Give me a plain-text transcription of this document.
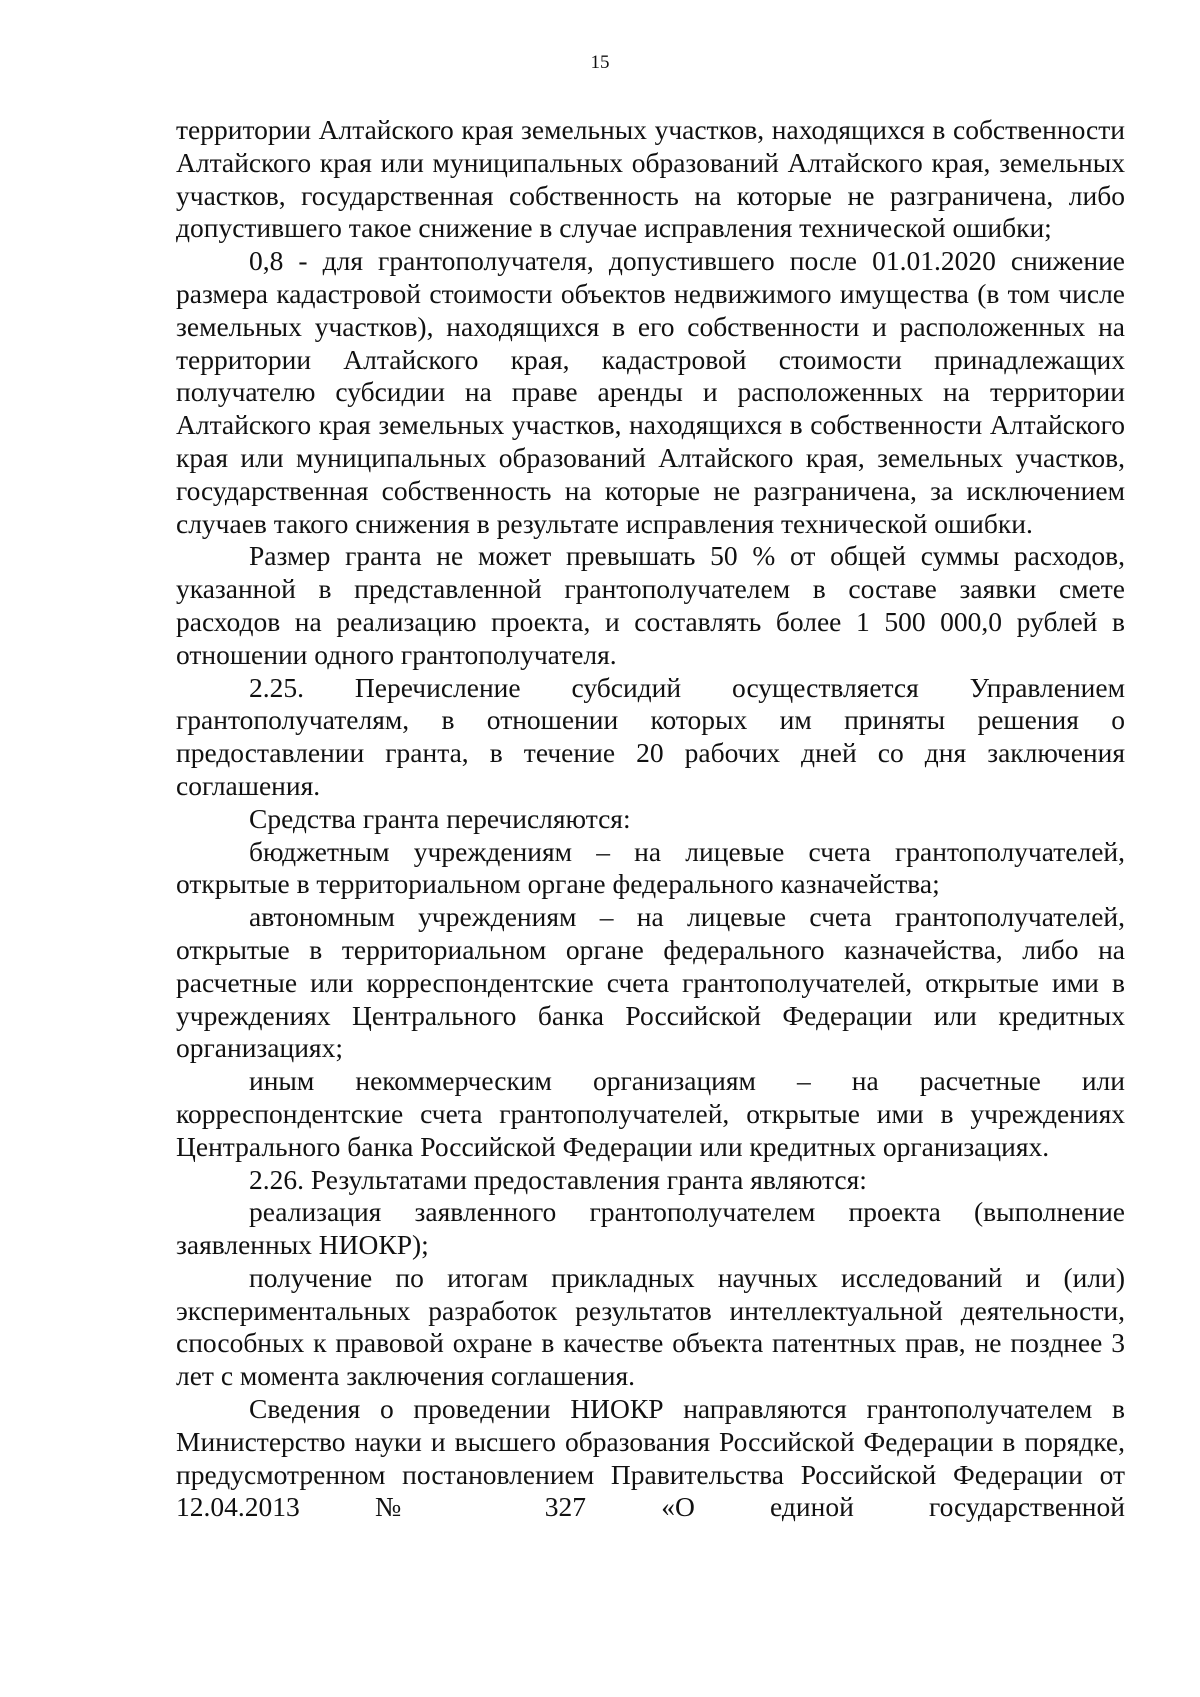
15

территории Алтайского края земельных участков, находящихся в собственности Алтайского края или муниципальных образований Алтайского края, земельных участков, государственная собственность на которые не разграничена, либо допустившего такое снижение в случае исправления технической ошибки;

0,8 - для грантополучателя, допустившего после 01.01.2020 снижение размера кадастровой стоимости объектов недвижимого имущества (в том числе земельных участков), находящихся в его собственности и расположенных на территории Алтайского края, кадастровой стоимости принадлежащих получателю субсидии на праве аренды и расположенных на территории Алтайского края земельных участков, находящихся в собственности Алтайского края или муниципальных образований Алтайского края, земельных участков, государственная собственность на которые не разграничена, за исключением случаев такого снижения в результате исправления технической ошибки.

Размер гранта не может превышать 50 % от общей суммы расходов, указанной в представленной грантополучателем в составе заявки смете расходов на реализацию проекта, и составлять более 1 500 000,0 рублей в отношении одного грантополучателя.

2.25. Перечисление субсидий осуществляется Управлением грантополучателям, в отношении которых им приняты решения о предоставлении гранта, в течение 20 рабочих дней со дня заключения соглашения.

Средства гранта перечисляются:

бюджетным учреждениям – на лицевые счета грантополучателей, открытые в территориальном органе федерального казначейства;

автономным учреждениям – на лицевые счета грантополучателей, открытые в территориальном органе федерального казначейства, либо на расчетные или корреспондентские счета грантополучателей, открытые ими в учреждениях Центрального банка Российской Федерации или кредитных организациях;

иным некоммерческим организациям – на расчетные или корреспондентские счета грантополучателей, открытые ими в учреждениях Центрального банка Российской Федерации или кредитных организациях.

2.26. Результатами предоставления гранта являются:

реализация заявленного грантополучателем проекта (выполнение заявленных НИОКР);

получение по итогам прикладных научных исследований и (или) экспериментальных разработок результатов интеллектуальной деятельности, способных к правовой охране в качестве объекта патентных прав, не позднее 3 лет с момента заключения соглашения.

Сведения о проведении НИОКР направляются грантополучателем в Министерство науки и высшего образования Российской Федерации в порядке, предусмотренном постановлением Правительства Российской Федерации от 12.04.2013 № 327 «О единой государственной
